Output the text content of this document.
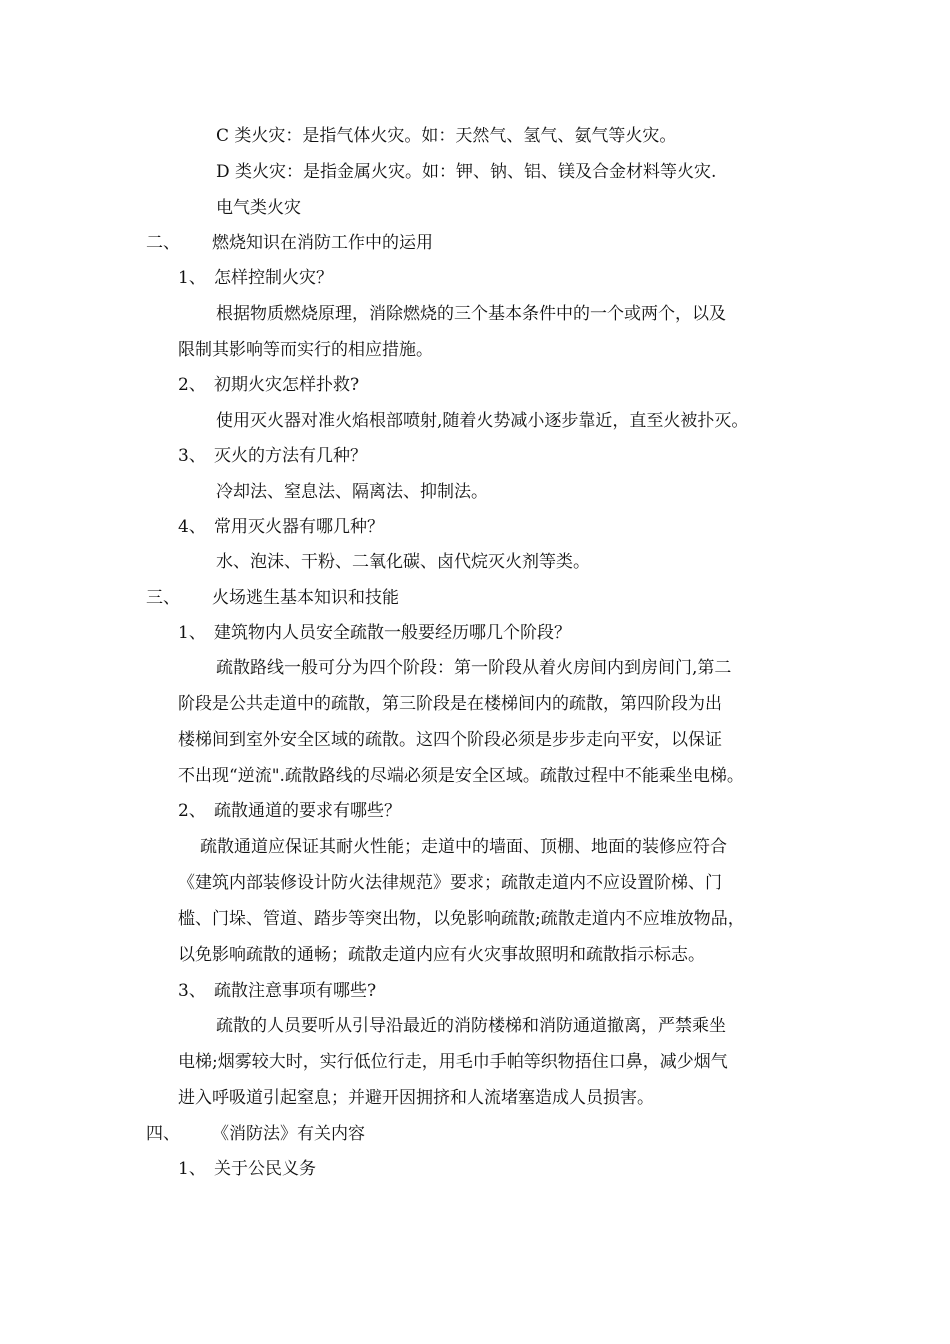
C 类火灾：是指气体火灾。如：天然气、氢气、氨气等火灾。
D 类火灾：是指金属火灾。如：钾、钠、铝、镁及合金材料等火灾.
电气类火灾
二、 燃烧知识在消防工作中的运用
1、 怎样控制火灾？
根据物质燃烧原理，消除燃烧的三个基本条件中的一个或两个，以及
限制其影响等而实行的相应措施。
2、 初期火灾怎样扑救?
使用灭火器对准火焰根部喷射,随着火势减小逐步靠近，直至火被扑灭。
3、 灭火的方法有几种？
冷却法、窒息法、隔离法、抑制法。
4、 常用灭火器有哪几种？
水、泡沫、干粉、二氧化碳、卤代烷灭火剂等类。
三、 火场逃生基本知识和技能
1、 建筑物内人员安全疏散一般要经历哪几个阶段？
疏散路线一般可分为四个阶段：第一阶段从着火房间内到房间门,第二
阶段是公共走道中的疏散，第三阶段是在楼梯间内的疏散，第四阶段为出
楼梯间到室外安全区域的疏散。这四个阶段必须是步步走向平安，以保证
不出现“逆流".疏散路线的尽端必须是安全区域。疏散过程中不能乘坐电梯。
2、 疏散通道的要求有哪些？
疏散通道应保证其耐火性能；走道中的墙面、顶棚、地面的装修应符合
《建筑内部装修设计防火法律规范》要求；疏散走道内不应设置阶梯、门
槛、门垛、管道、踏步等突出物，以免影响疏散;疏散走道内不应堆放物品，
以免影响疏散的通畅；疏散走道内应有火灾事故照明和疏散指示标志。
3、 疏散注意事项有哪些?
疏散的人员要听从引导沿最近的消防楼梯和消防通道撤离，严禁乘坐
电梯;烟雾较大时，实行低位行走，用毛巾手帕等织物捂住口鼻，减少烟气
进入呼吸道引起窒息；并避开因拥挤和人流堵塞造成人员损害。
四、 《消防法》有关内容
1、 关于公民义务
